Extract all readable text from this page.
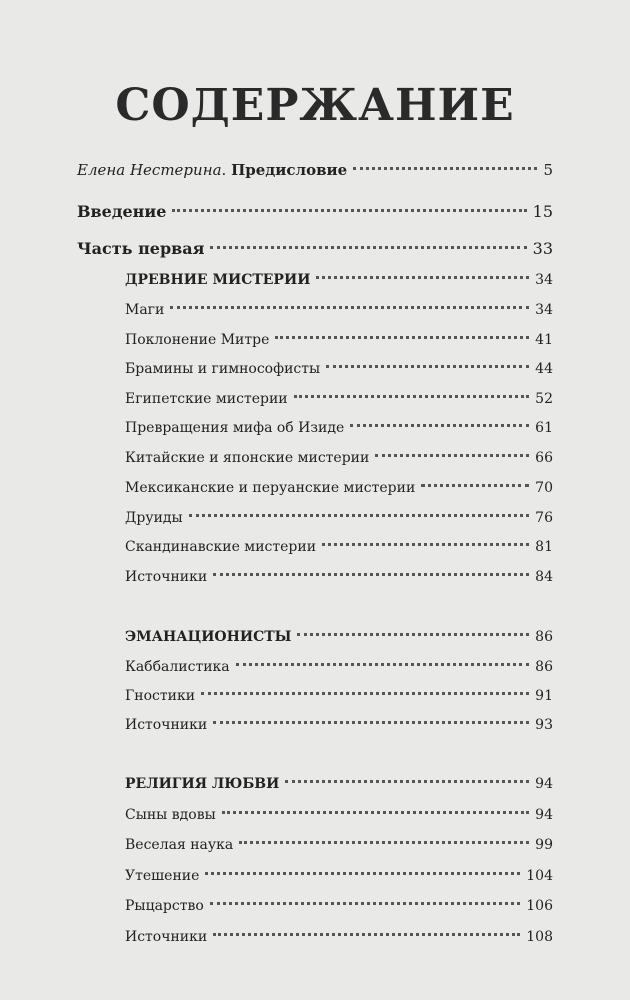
СОДЕРЖАНИЕ
Елена Нестерина. Предисловие	5
Введение	15
Часть первая	33
ДРЕВНИЕ МИСТЕРИИ	34
Маги	34
Поклонение Митре	41
Брамины и гимнософисты	44
Египетские мистерии	52
Превращения мифа об Изиде	61
Китайские и японские мистерии	66
Мексиканские и перуанские мистерии	70
Друиды	76
Скандинавские мистерии	81
Источники	84
ЭМАНАЦИОНИСТЫ	86
Каббалистика	86
Гностики	91
Источники	93
РЕЛИГИЯ ЛЮБВИ	94
Сыны вдовы	94
Веселая наука	99
Утешение	104
Рыцарство	106
Источники	108
